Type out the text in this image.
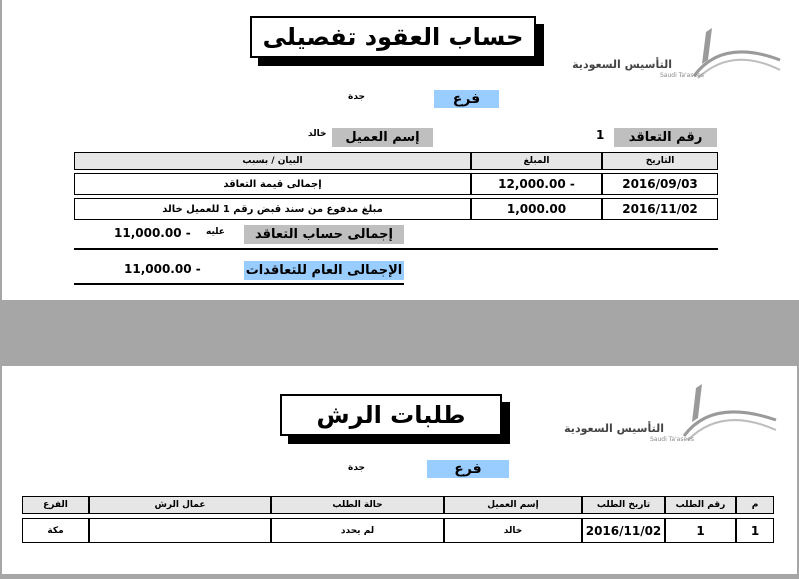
حساب العقود تفصيلى
التأسيس السعودية
Saudi Ta'asees
فرع
جدة
رقم التعاقد
1
إسم العميل
خالد
التاريخ
المبلغ
البيان / بسبب
2016/09/03
- 12,000.00
إجمالى قيمة التعاقد
2016/11/02
1,000.00
مبلغ مدفوع من سند قبض رقم 1 للعميل خالد
إجمالى حساب التعاقد
عليه
11,000.00 -
الإجمالى العام للتعاقدات
11,000.00 -
طلبات الرش	التأسيس السعودية
Saudi Ta'asees
فرع
جدة
م
رقم الطلب
تاريخ الطلب
إسم العميل
حالة الطلب
عمال الرش
الفرع
1
1
2016/11/02
خالد
لم يحدد
مكة
